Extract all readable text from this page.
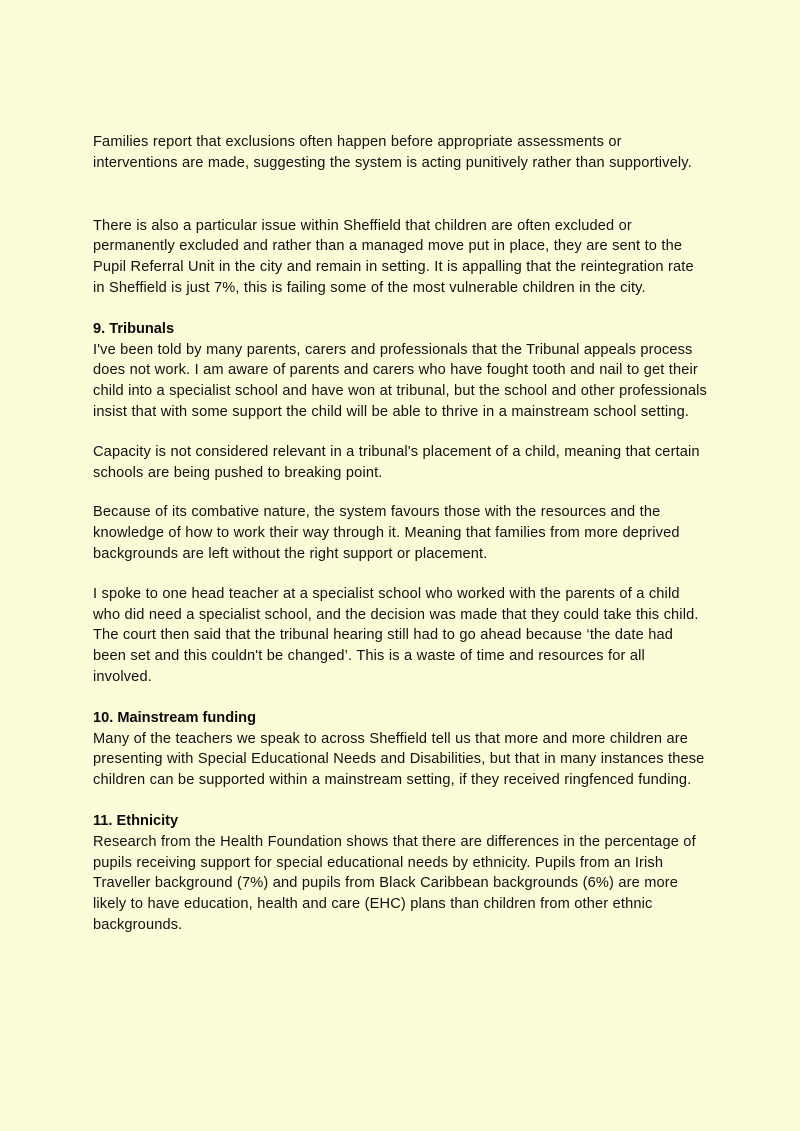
Families report that exclusions often happen before appropriate assessments or interventions are made, suggesting the system is acting punitively rather than supportively.

There is also a particular issue within Sheffield that children are often excluded or permanently excluded and rather than a managed move put in place, they are sent to the Pupil Referral Unit in the city and remain in setting. It is appalling that the reintegration rate in Sheffield is just 7%, this is failing some of the most vulnerable children in the city.

9. Tribunals

I've been told by many parents, carers and professionals that the Tribunal appeals process does not work. I am aware of parents and carers who have fought tooth and nail to get their child into a specialist school and have won at tribunal, but the school and other professionals insist that with some support the child will be able to thrive in a mainstream school setting.

Capacity is not considered relevant in a tribunal's placement of a child, meaning that certain schools are being pushed to breaking point.

Because of its combative nature, the system favours those with the resources and the knowledge of how to work their way through it. Meaning that families from more deprived backgrounds are left without the right support or placement.

I spoke to one head teacher at a specialist school who worked with the parents of a child who did need a specialist school, and the decision was made that they could take this child. The court then said that the tribunal hearing still had to go ahead because ‘the date had been set and this couldn't be changed’. This is a waste of time and resources for all involved.

10. Mainstream funding

Many of the teachers we speak to across Sheffield tell us that more and more children are presenting with Special Educational Needs and Disabilities, but that in many instances these children can be supported within a mainstream setting, if they received ringfenced funding.

11. Ethnicity

Research from the Health Foundation shows that there are differences in the percentage of pupils receiving support for special educational needs by ethnicity. Pupils from an Irish Traveller background (7%) and pupils from Black Caribbean backgrounds (6%) are more likely to have education, health and care (EHC) plans than children from other ethnic backgrounds.
